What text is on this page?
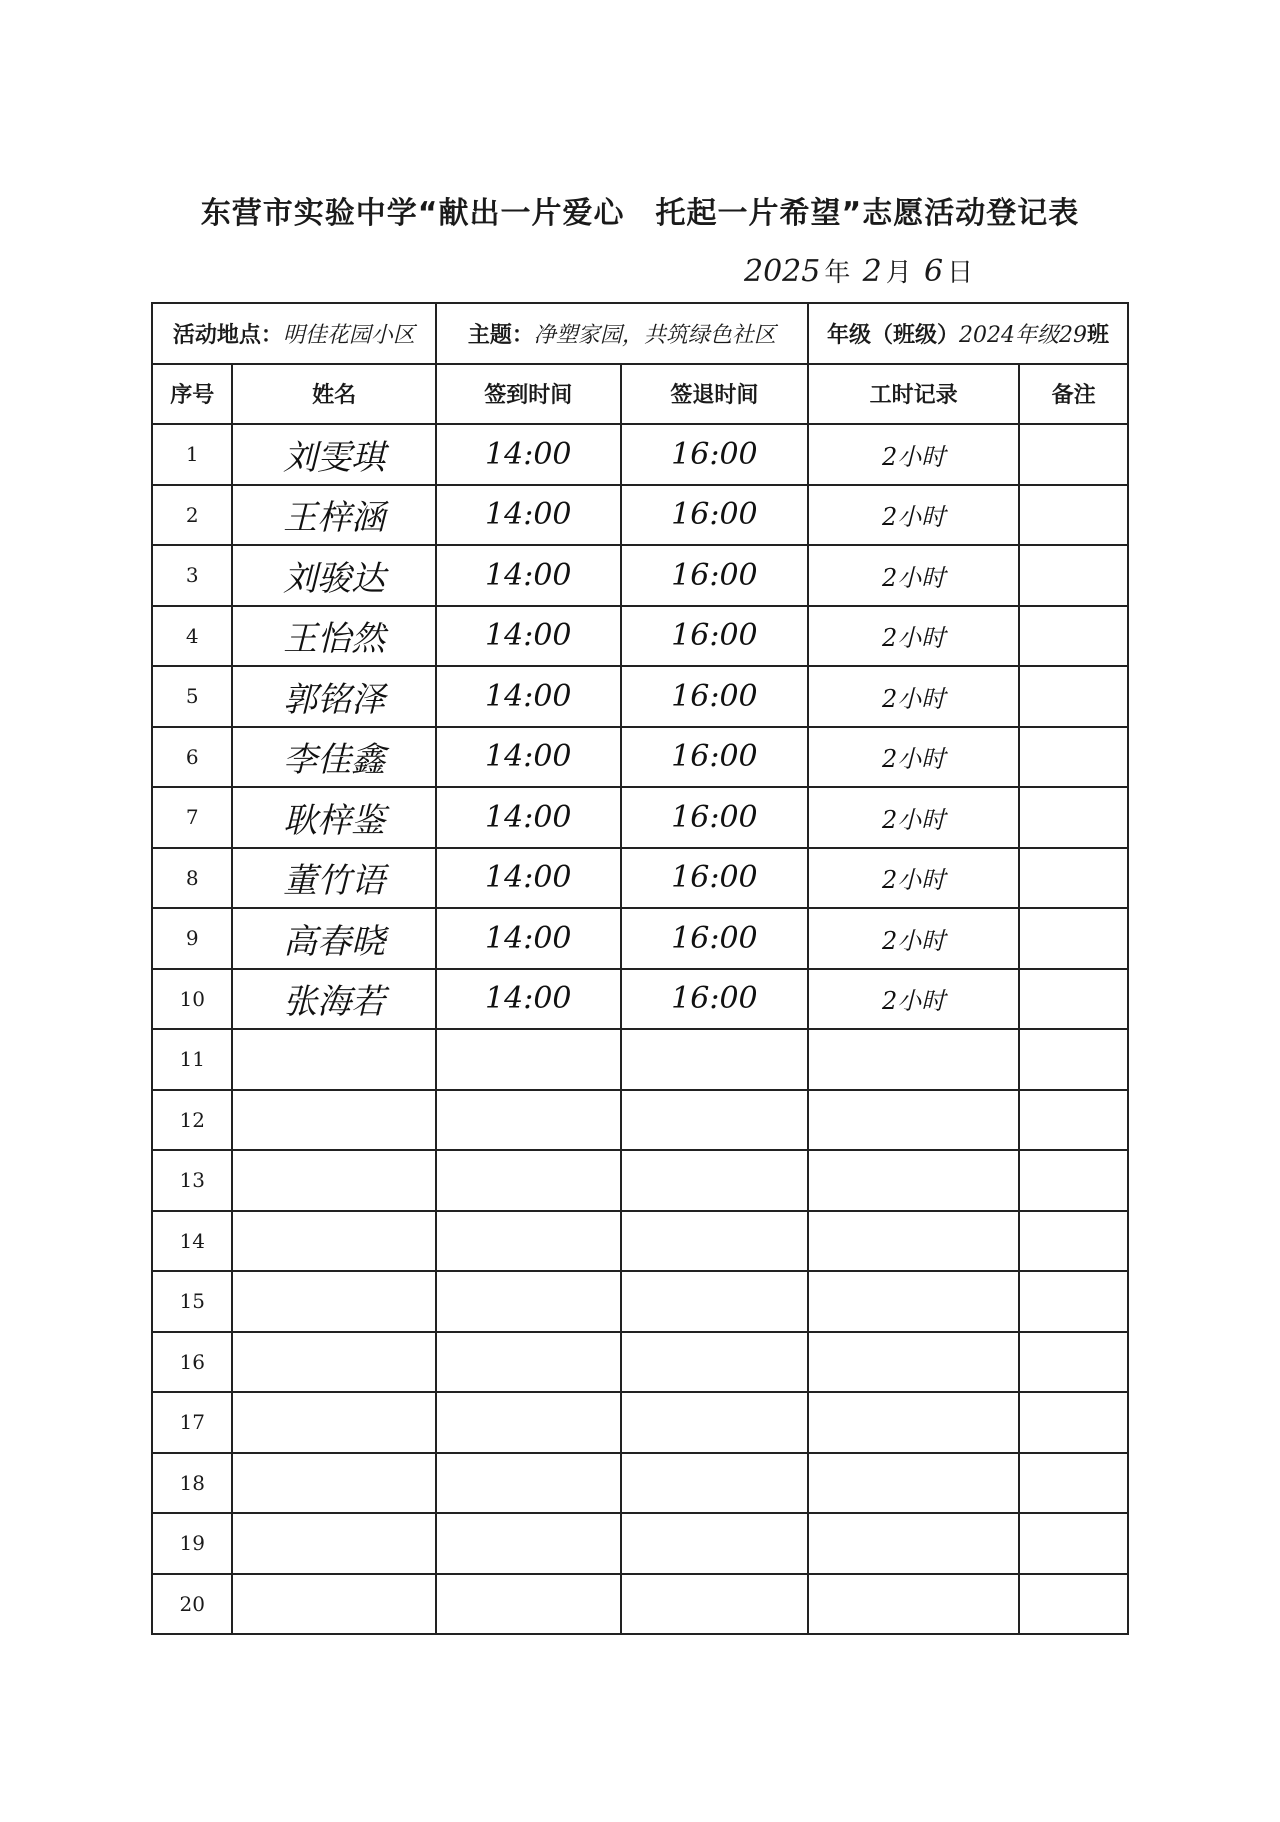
东营市实验中学“献出一片爱心　托起一片希望”志愿活动登记表
2025 年 2 月 6 日
活动地点：明佳花园小区		主题：净塑家园，共筑绿色社区		年级（班级）2024年级29班	
序号	姓名	签到时间	签退时间	工时记录	备注
1	刘雯琪	14:00	16:00	2小时	
2	王梓涵	14:00	16:00	2小时	
3	刘骏达	14:00	16:00	2小时	
4	王怡然	14:00	16:00	2小时	
5	郭铭泽	14:00	16:00	2小时	
6	李佳鑫	14:00	16:00	2小时	
7	耿梓鉴	14:00	16:00	2小时	
8	董竹语	14:00	16:00	2小时	
9	高春晓	14:00	16:00	2小时	
10	张海若	14:00	16:00	2小时	
11					
12					
13					
14					
15					
16					
17					
18					
19					
20					
